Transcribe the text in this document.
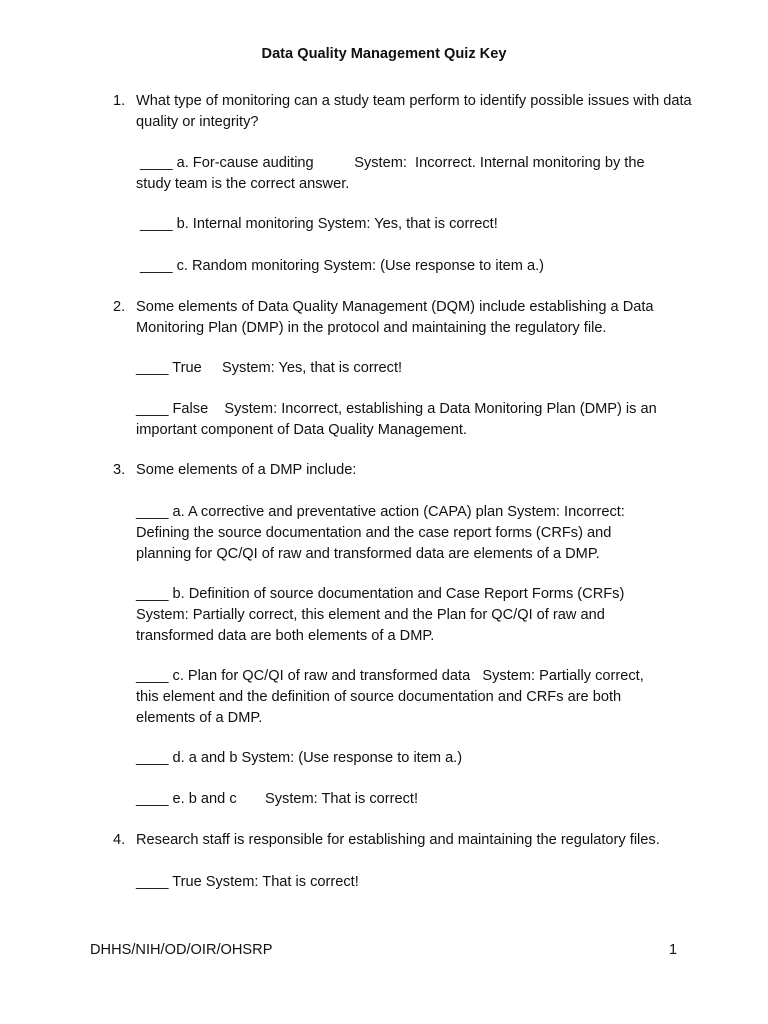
Data Quality Management Quiz Key
1. What type of monitoring can a study team perform to identify possible issues with data quality or integrity?
____ a. For-cause auditing          System:  Incorrect. Internal monitoring by the
study team is the correct answer.
____ b. Internal monitoring System: Yes, that is correct!
____ c. Random monitoring System: (Use response to item a.)
2. Some elements of Data Quality Management (DQM) include establishing a Data Monitoring Plan (DMP) in the protocol and maintaining the regulatory file.
____ True     System: Yes, that is correct!
____ False    System: Incorrect, establishing a Data Monitoring Plan (DMP) is an
important component of Data Quality Management.
3. Some elements of a DMP include:
____ a. A corrective and preventative action (CAPA) plan System: Incorrect:
Defining the source documentation and the case report forms (CRFs) and
planning for QC/QI of raw and transformed data are elements of a DMP.
____ b. Definition of source documentation and Case Report Forms (CRFs)
System: Partially correct, this element and the Plan for QC/QI of raw and
transformed data are both elements of a DMP.
____ c. Plan for QC/QI of raw and transformed data   System: Partially correct,
this element and the definition of source documentation and CRFs are both
elements of a DMP.
____ d. a and b System: (Use response to item a.)
____ e. b and c       System: That is correct!
4. Research staff is responsible for establishing and maintaining the regulatory files.
____ True System: That is correct!
DHHS/NIH/OD/OIR/OHSRP	1
